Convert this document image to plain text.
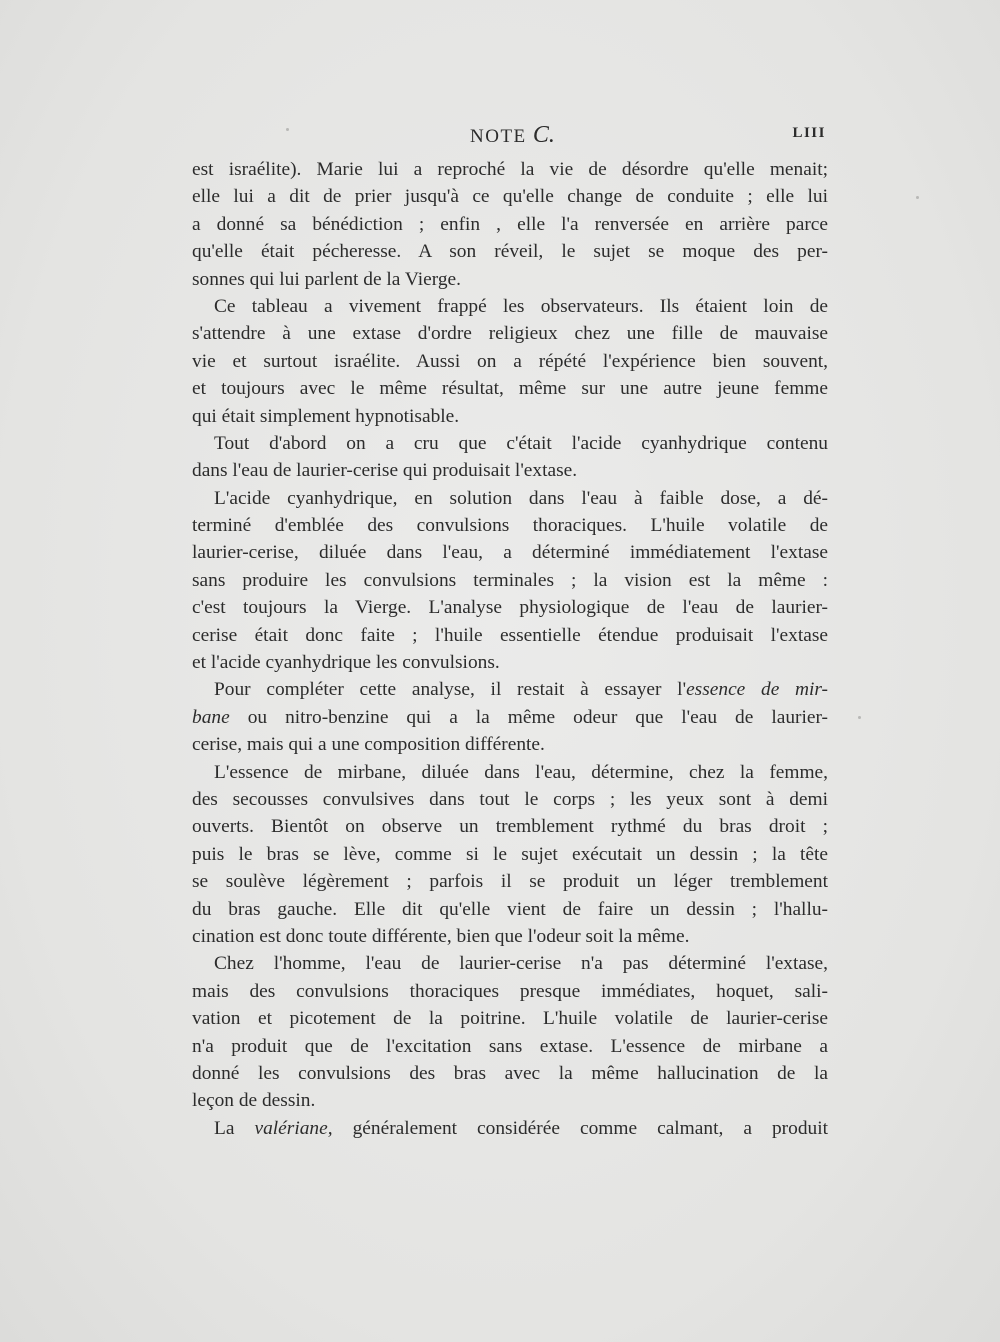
NOTE C.	LIII
est israélite). Marie lui a reproché la vie de désordre qu'elle menait;
elle lui a dit de prier jusqu'à ce qu'elle change de conduite ; elle lui
a donné sa bénédiction ; enfin , elle l'a renversée en arrière parce
qu'elle était pécheresse. A son réveil, le sujet se moque des per-
sonnes qui lui parlent de la Vierge.
Ce tableau a vivement frappé les observateurs. Ils étaient loin de
s'attendre à une extase d'ordre religieux chez une fille de mauvaise
vie et surtout israélite. Aussi on a répété l'expérience bien souvent,
et toujours avec le même résultat, même sur une autre jeune femme
qui était simplement hypnotisable.
Tout d'abord on a cru que c'était l'acide cyanhydrique contenu
dans l'eau de laurier-cerise qui produisait l'extase.
L'acide cyanhydrique, en solution dans l'eau à faible dose, a dé-
terminé d'emblée des convulsions thoraciques. L'huile volatile de
laurier-cerise, diluée dans l'eau, a déterminé immédiatement l'extase
sans produire les convulsions terminales ; la vision est la même :
c'est toujours la Vierge. L'analyse physiologique de l'eau de laurier-
cerise était donc faite ; l'huile essentielle étendue produisait l'extase
et l'acide cyanhydrique les convulsions.
Pour compléter cette analyse, il restait à essayer l'essence de mir-
bane ou nitro-benzine qui a la même odeur que l'eau de laurier-
cerise, mais qui a une composition différente.
L'essence de mirbane, diluée dans l'eau, détermine, chez la femme,
des secousses convulsives dans tout le corps ; les yeux sont à demi
ouverts. Bientôt on observe un tremblement rythmé du bras droit ;
puis le bras se lève, comme si le sujet exécutait un dessin ; la tête
se soulève légèrement ; parfois il se produit un léger tremblement
du bras gauche. Elle dit qu'elle vient de faire un dessin ; l'hallu-
cination est donc toute différente, bien que l'odeur soit la même.
Chez l'homme, l'eau de laurier-cerise n'a pas déterminé l'extase,
mais des convulsions thoraciques presque immédiates, hoquet, sali-
vation et picotement de la poitrine. L'huile volatile de laurier-cerise
n'a produit que de l'excitation sans extase. L'essence de mirbane a
donné les convulsions des bras avec la même hallucination de la
leçon de dessin.
La valériane, généralement considérée comme calmant, a produit
